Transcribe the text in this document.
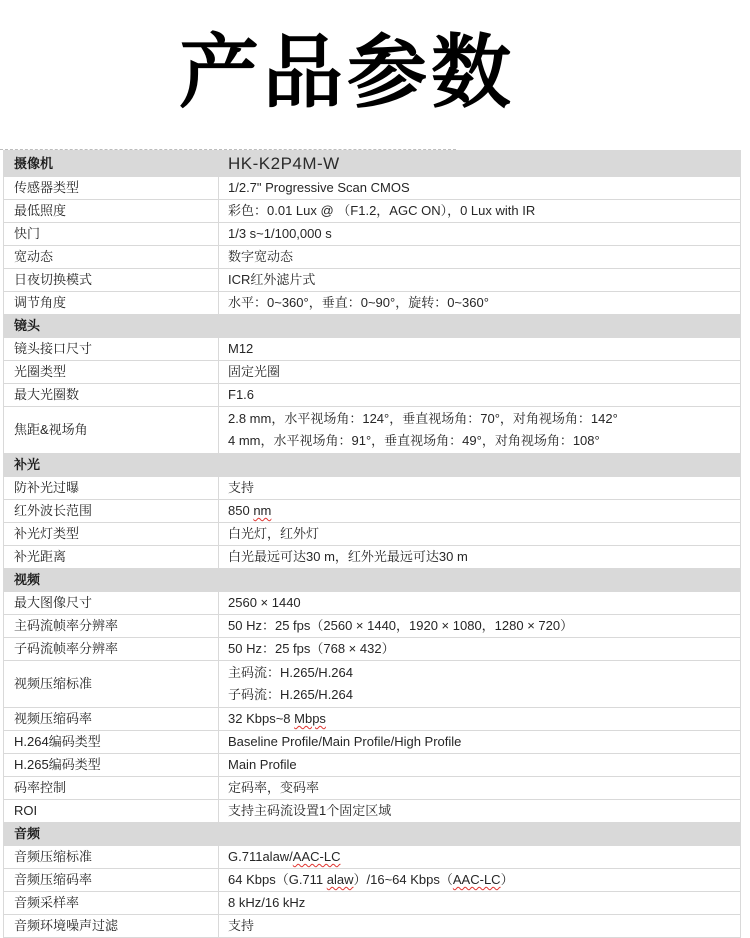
产品参数
摄像机	HK-K2P4M-W
传感器类型	1/2.7" Progressive Scan CMOS

最低照度	彩色：0.01 Lux @ （F1.2，AGC ON），0 Lux with IR

快门	1/3 s~1/100,000 s

宽动态	数字宽动态

日夜切换模式	ICR红外滤片式

调节角度	水平：0~360°，垂直：0~90°，旋转：0~360°

镜头	
镜头接口尺寸	M12

光圈类型	固定光圈

最大光圈数	F1.6

焦距&视场角	2.8 mm，水平视场角：124°，垂直视场角：70°，对角视场角：142°
4 mm，水平视场角：91°，垂直视场角：49°，对角视场角：108°

补光	
防补光过曝	支持

红外波长范围	850 nm

补光灯类型	白光灯，红外灯

补光距离	白光最远可达30 m，红外光最远可达30 m

视频	
最大图像尺寸	2560 × 1440

主码流帧率分辨率	50 Hz：25 fps（2560 × 1440，1920 × 1080，1280 × 720）

子码流帧率分辨率	50 Hz：25 fps（768 × 432）

视频压缩标准	主码流：H.265/H.264
子码流：H.265/H.264

视频压缩码率	32 Kbps~8 Mbps

H.264编码类型	Baseline Profile/Main Profile/High Profile

H.265编码类型	Main Profile

码率控制	定码率，变码率

ROI	支持主码流设置1个固定区域

音频	
音频压缩标准	G.711alaw/AAC-LC

音频压缩码率	64 Kbps（G.711 alaw）/16~64 Kbps（AAC-LC）

音频采样率	8 kHz/16 kHz

音频环境噪声过滤	支持
